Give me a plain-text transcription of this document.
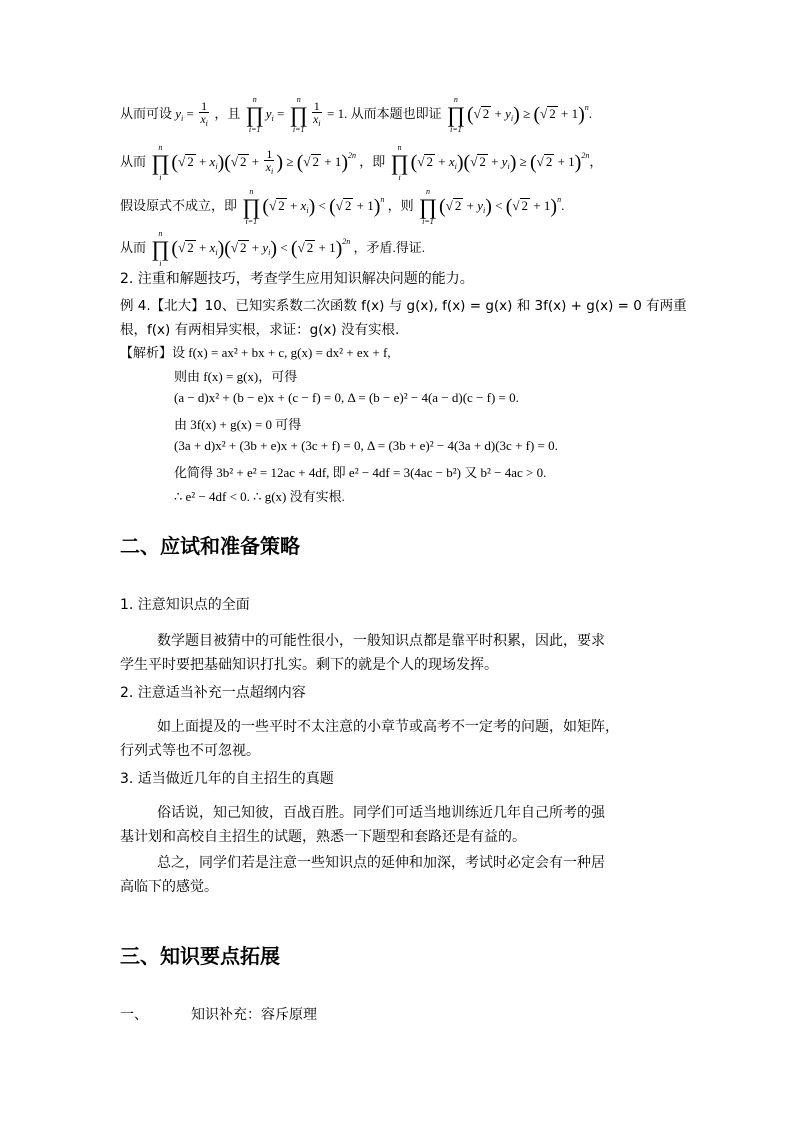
从而可设 $y_i = \frac{1}{x_i}$ ，且
n
∏
i=1
$y_i$ =
n
∏
$i=1 \frac{1}{x_i} = 1$. 从而本题也即证
n
∏
i=1
(√ $2 + y_i$) ≥ (√ 2 + 1)$^n$.
从而
n
∏
i
(√ $2 + x_i)(√$ $2 + \frac{1}{x_i}$ ) ≥ (√ 2 + 1)$^{2n}$ ，即
n
∏
i
(√ $2 + x_i)(√$ $2 + y_i$) ≥ (√ 2 + 1)$^{2n}$，
假设原式不成立，即
n
∏
i=1
(√ $2 + x_i$) < (√ 2 + 1)$^n$ ，则
n
∏
i=1
(√ $2 + y_i$) < (√ 2 + 1)$^n$.
从而
n
∏
i
(√ $2 + x_i)(√$ $2 + y_i$) < (√ 2 + 1)$^{2n}$ ，矛盾.得证.
2. 注重和解题技巧，考查学生应用知识解决问题的能力。
例 4.【北大】10、已知实系数二次函数 f(x) 与 g(x), f(x) = g(x) 和 3f(x) + g(x) = 0 有两重
根，f(x) 有两相异实根，求证：g(x) 没有实根.
【解析】设 f(x) = ax² + bx + c, g(x) = dx² + ex + f,
则由 f(x) = g(x)，可得
(a − d)x² + (b − e)x + (c − f) = 0, Δ = (b − e)² − 4(a − d)(c − f) = 0.
由 3f(x) + g(x) = 0 可得
(3a + d)x² + (3b + e)x + (3c + f) = 0, Δ = (3b + e)² − 4(3a + d)(3c + f) = 0.
化简得 3b² + e² = 12ac + 4df, 即 e² − 4df = 3(4ac − b²) 又 b² − 4ac > 0.
∴ e² − 4df < 0. ∴ g(x) 没有实根.
二、应试和准备策略
1. 注意知识点的全面
数学题目被猜中的可能性很小，一般知识点都是靠平时积累，因此，要求
学生平时要把基础知识打扎实。剩下的就是个人的现场发挥。
2. 注意适当补充一点超纲内容
如上面提及的一些平时不太注意的小章节或高考不一定考的问题，如矩阵，
行列式等也不可忽视。
3. 适当做近几年的自主招生的真题
俗话说，知己知彼，百战百胜。同学们可适当地训练近几年自己所考的强
基计划和高校自主招生的试题，熟悉一下题型和套路还是有益的。
总之，同学们若是注意一些知识点的延伸和加深，考试时必定会有一种居
高临下的感觉。
三、知识要点拓展
一、	知识补充：容斥原理
